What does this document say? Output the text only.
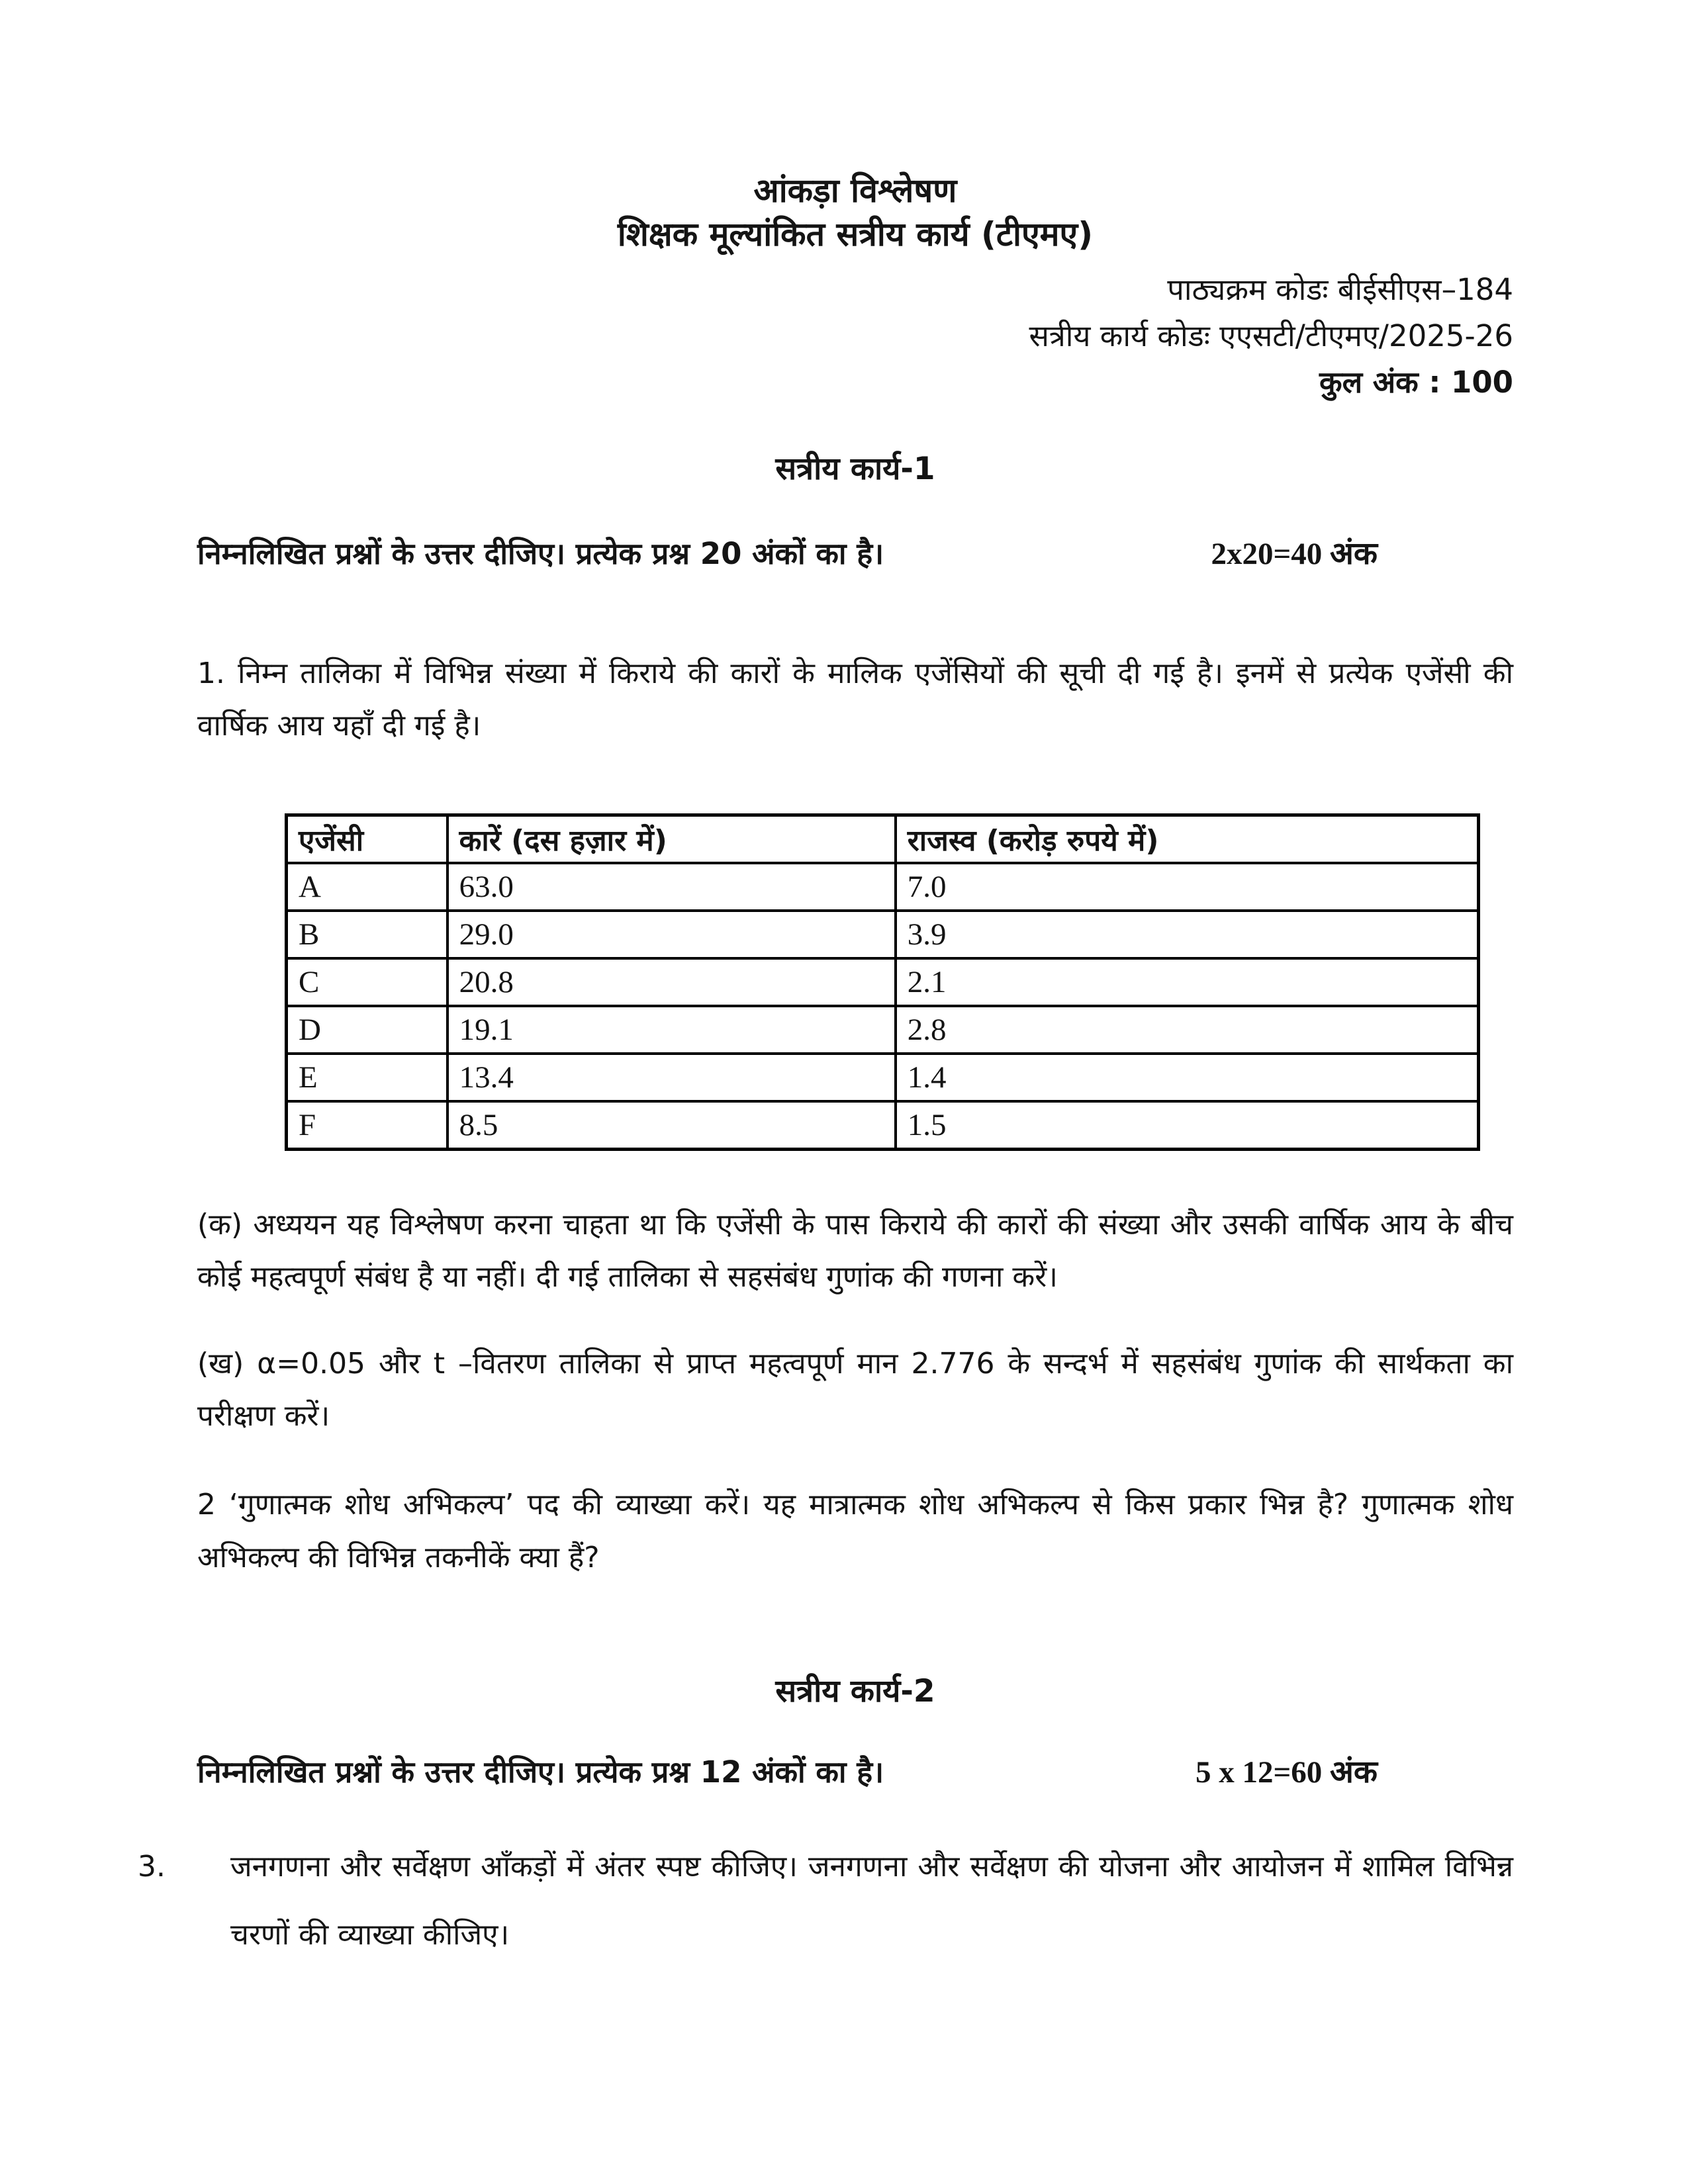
आंकड़ा विश्लेषण
शिक्षक मूल्यांकित सत्रीय कार्य (टीएमए)
पाठ्यक्रम कोडः बीईसीएस–184
सत्रीय कार्य कोडः एएसटी/टीएमए/2025-26
कुल अंक : 100
सत्रीय कार्य-1
निम्नलिखित प्रश्नों के उत्तर दीजिए। प्रत्येक प्रश्न 20 अंकों का है।	2x20=40 अंक
1. निम्न तालिका में विभिन्न संख्या में किराये की कारों के मालिक एजेंसियों की सूची दी गई है। इनमें से प्रत्येक एजेंसी की वार्षिक आय यहाँ दी गई है।
एजेंसी	कारें (दस हज़ार में)	राजस्व (करोड़ रुपये में)
A	63.0	7.0
B	29.0	3.9
C	20.8	2.1
D	19.1	2.8
E	13.4	1.4
F	8.5	1.5
(क) अध्ययन यह विश्लेषण करना चाहता था कि एजेंसी के पास किराये की कारों की संख्या और उसकी वार्षिक आय के बीच कोई महत्वपूर्ण संबंध है या नहीं। दी गई तालिका से सहसंबंध गुणांक की गणना करें।
(ख) α=0.05 और t –वितरण तालिका से प्राप्त महत्वपूर्ण मान 2.776 के सन्दर्भ में सहसंबंध गुणांक की सार्थकता का परीक्षण करें।
2 ‘गुणात्मक शोध अभिकल्प’ पद की व्याख्या करें। यह मात्रात्मक शोध अभिकल्प से किस प्रकार भिन्न है? गुणात्मक शोध अभिकल्प की विभिन्न तकनीकें क्या हैं?
सत्रीय कार्य-2
निम्नलिखित प्रश्नों के उत्तर दीजिए। प्रत्येक प्रश्न 12 अंकों का है।	5 x 12=60 अंक
3.	जनगणना और सर्वेक्षण आँकड़ों में अंतर स्पष्ट कीजिए। जनगणना और सर्वेक्षण की योजना और आयोजन में शामिल विभिन्न चरणों की व्याख्या कीजिए।
